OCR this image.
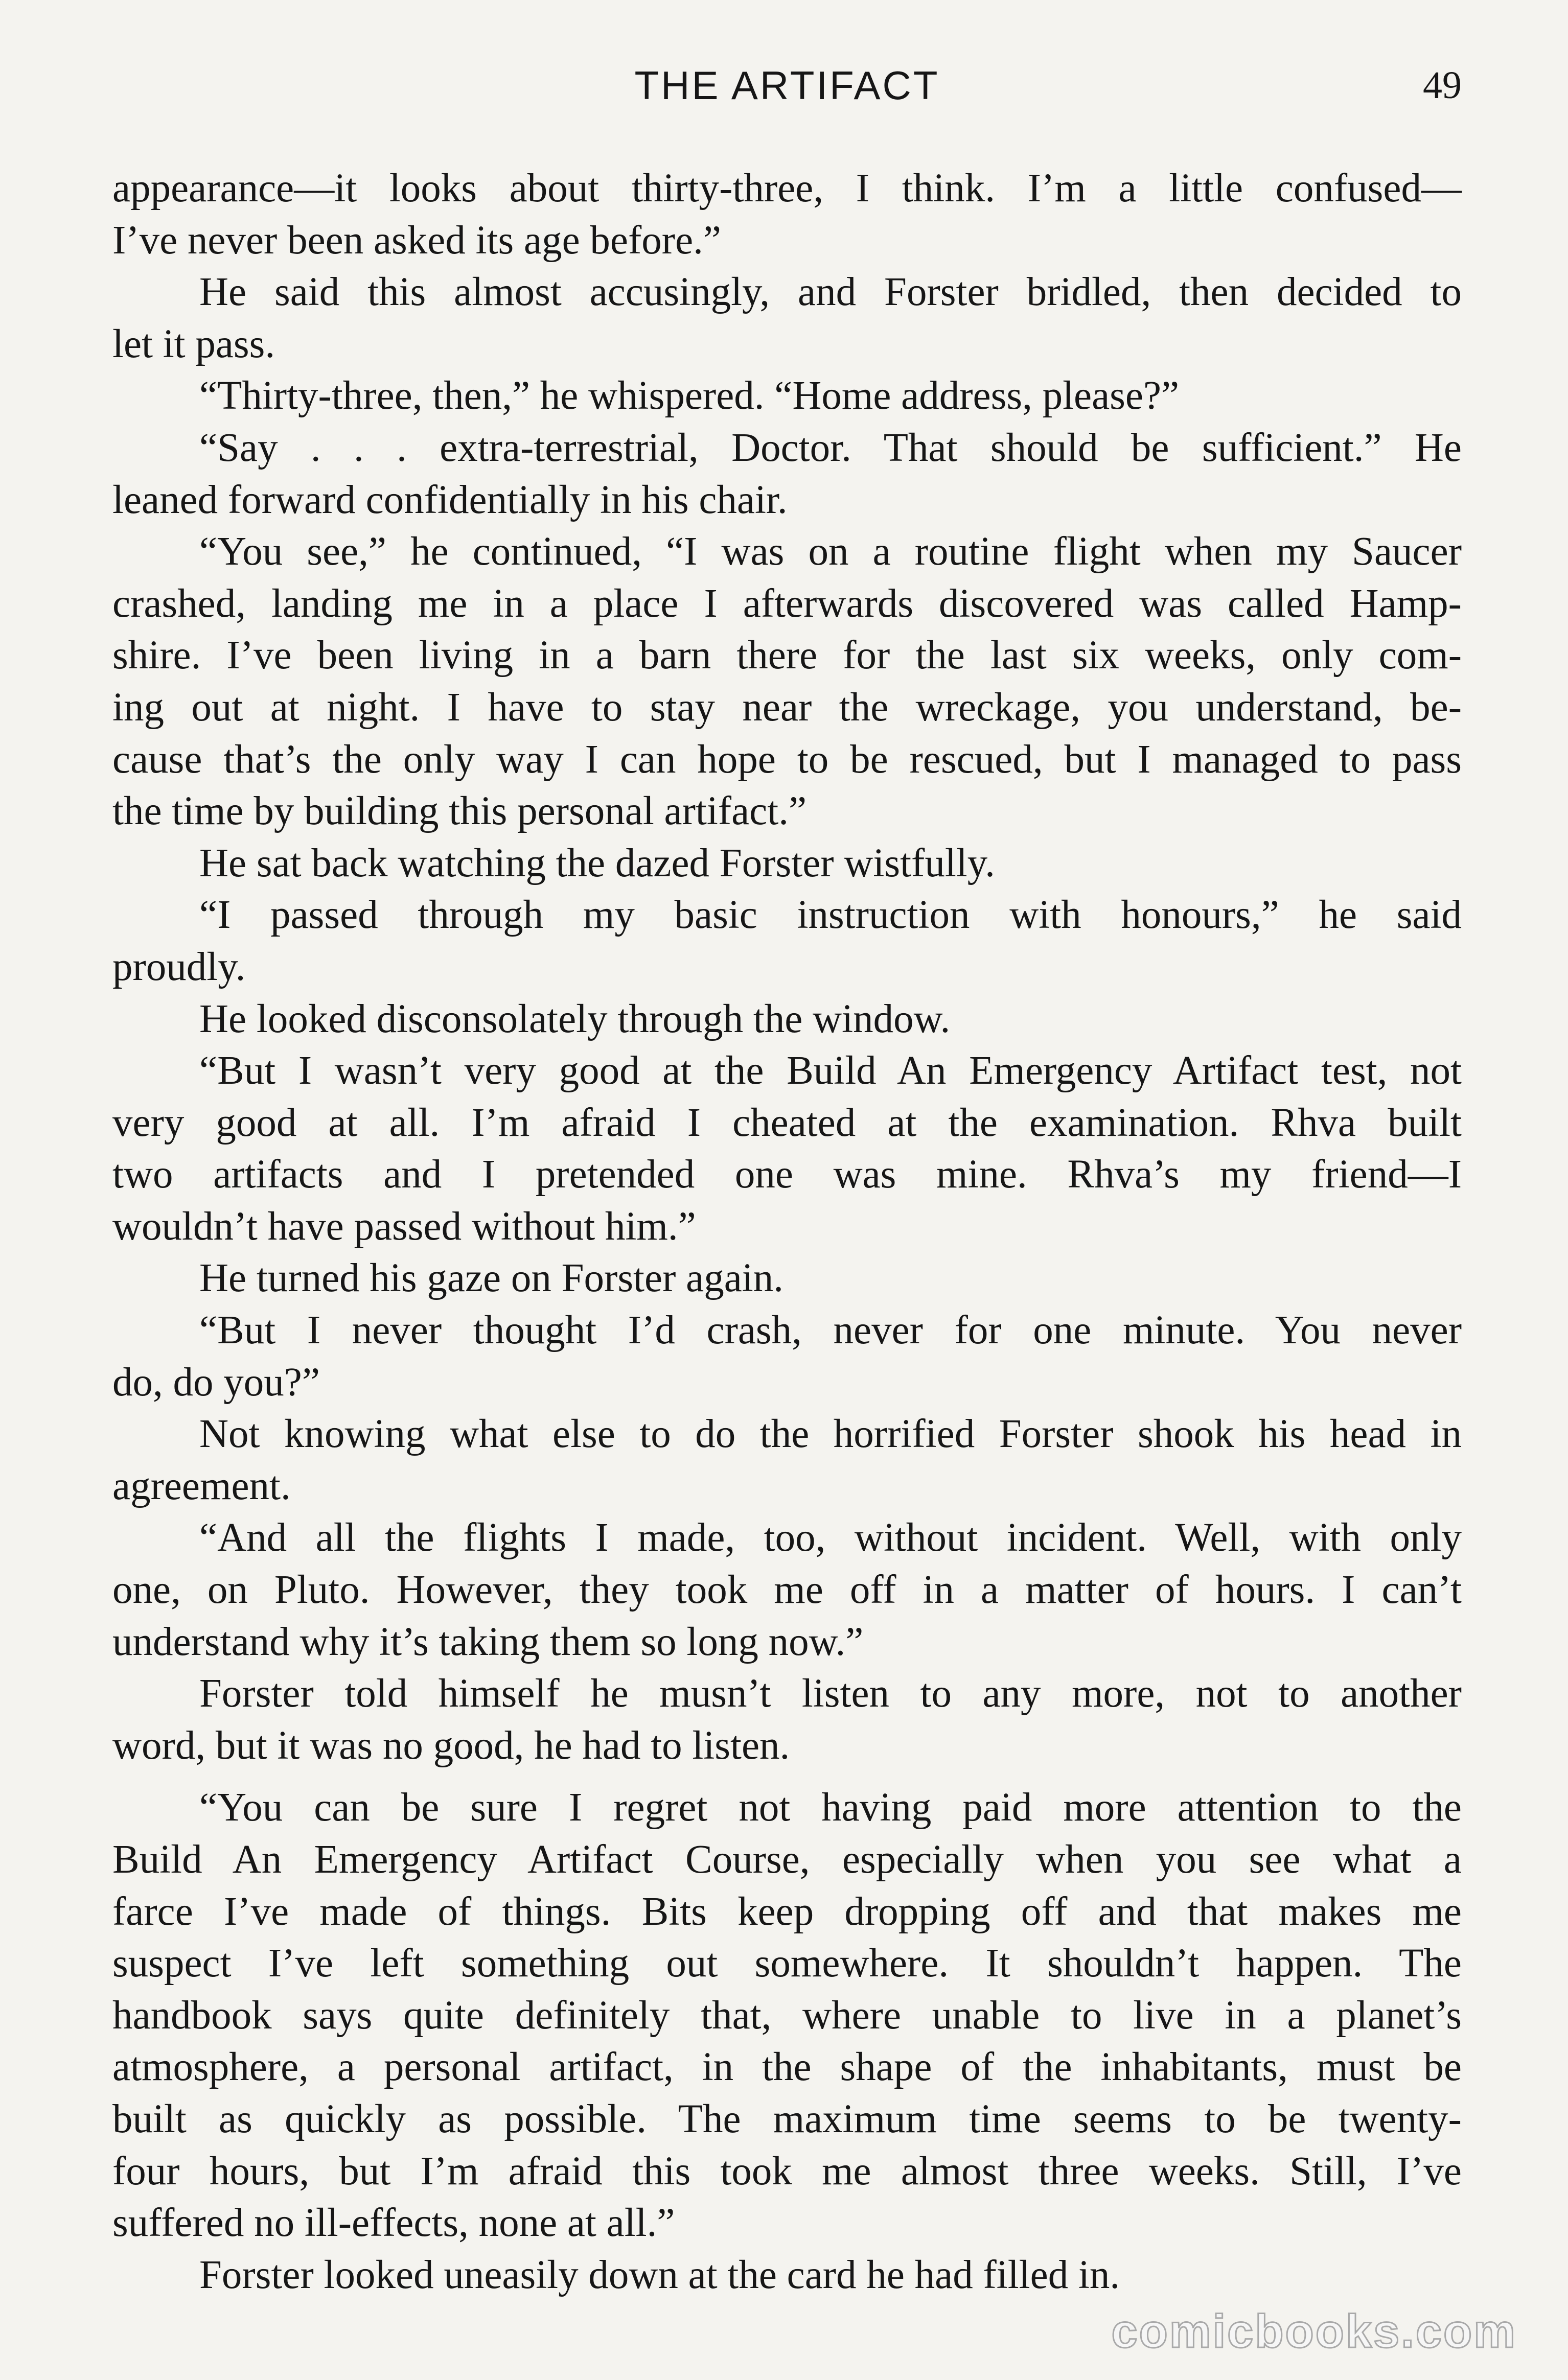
THE ARTIFACT	49
appearance—it looks about thirty-three, I think. I’m a little confused—
I’ve never been asked its age before.”
He said this almost accusingly, and Forster bridled, then decided to
let it pass.
“Thirty-three, then,” he whispered. “Home address, please?”
“Say . . . extra-terrestrial, Doctor. That should be sufficient.” He
leaned forward confidentially in his chair.
“You see,” he continued, “I was on a routine flight when my Saucer
crashed, landing me in a place I afterwards discovered was called Hamp-
shire. I’ve been living in a barn there for the last six weeks, only com-
ing out at night. I have to stay near the wreckage, you understand, be-
cause that’s the only way I can hope to be rescued, but I managed to pass
the time by building this personal artifact.”
He sat back watching the dazed Forster wistfully.
“I passed through my basic instruction with honours,” he said
proudly.
He looked disconsolately through the window.
“But I wasn’t very good at the Build An Emergency Artifact test, not
very good at all. I’m afraid I cheated at the examination. Rhva built
two artifacts and I pretended one was mine. Rhva’s my friend—I
wouldn’t have passed without him.”
He turned his gaze on Forster again.
“But I never thought I’d crash, never for one minute. You never
do, do you?”
Not knowing what else to do the horrified Forster shook his head in
agreement.
“And all the flights I made, too, without incident. Well, with only
one, on Pluto. However, they took me off in a matter of hours. I can’t
understand why it’s taking them so long now.”
Forster told himself he musn’t listen to any more, not to another
word, but it was no good, he had to listen.
“You can be sure I regret not having paid more attention to the
Build An Emergency Artifact Course, especially when you see what a
farce I’ve made of things. Bits keep dropping off and that makes me
suspect I’ve left something out somewhere. It shouldn’t happen. The
handbook says quite definitely that, where unable to live in a planet’s
atmosphere, a personal artifact, in the shape of the inhabitants, must be
built as quickly as possible. The maximum time seems to be twenty-
four hours, but I’m afraid this took me almost three weeks. Still, I’ve
suffered no ill-effects, none at all.”
Forster looked uneasily down at the card he had filled in.
comicbooks.com
